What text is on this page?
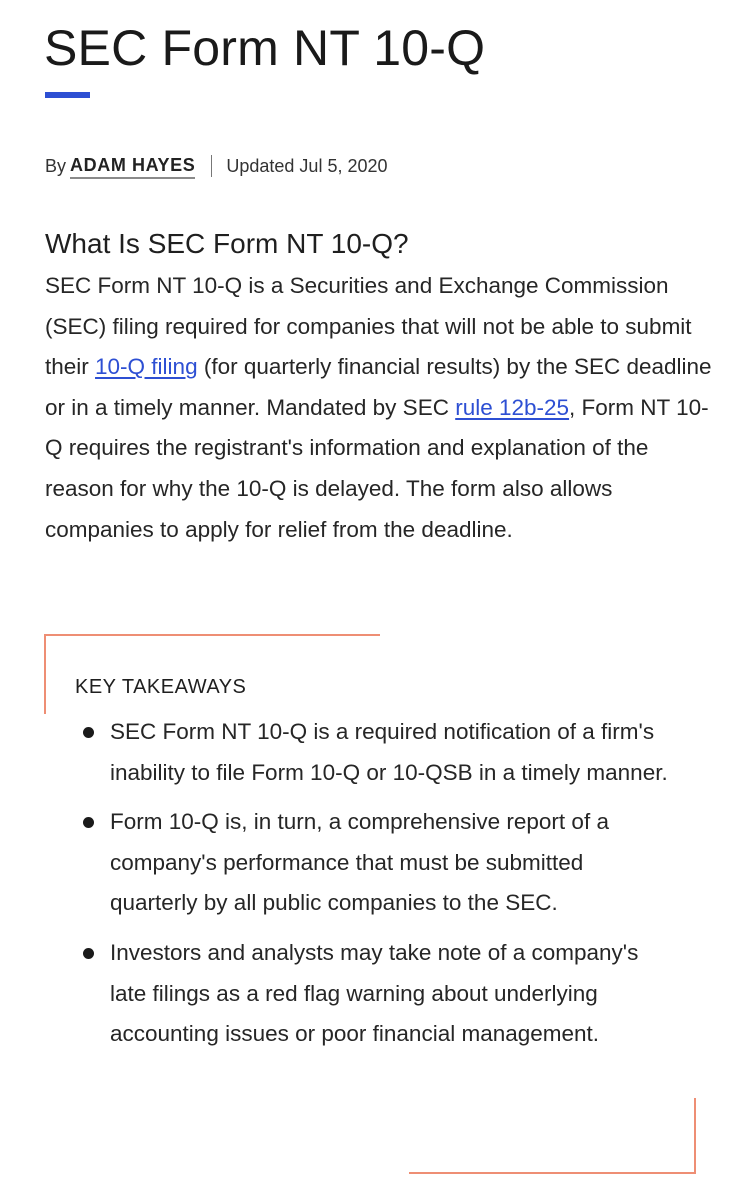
SEC Form NT 10-Q
By ADAM HAYES Updated Jul 5, 2020
What Is SEC Form NT 10-Q?

SEC Form NT 10-Q is a Securities and Exchange Commission (SEC) filing required for companies that will not be able to submit their 10-Q filing (for quarterly financial results) by the SEC deadline or in a timely manner. Mandated by SEC rule 12b-25, Form NT 10-Q requires the registrant's information and explanation of the reason for why the 10-Q is delayed. The form also allows companies to apply for relief from the deadline.

KEY TAKEAWAYS
SEC Form NT 10-Q is a required notification of a firm's inability to file Form 10-Q or 10-QSB in a timely manner.
Form 10-Q is, in turn, a comprehensive report of a company's performance that must be submitted quarterly by all public companies to the SEC.
Investors and analysts may take note of a company's late filings as a red flag warning about underlying accounting issues or poor financial management.
